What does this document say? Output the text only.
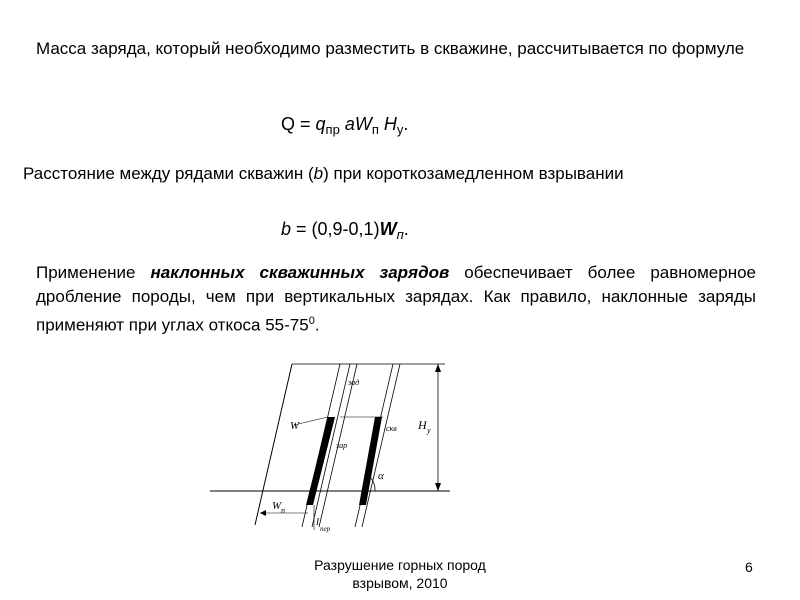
Масса заряда, который необходимо разместить в скважине, рассчитывается по формуле
$Q = q_{пр}$ $aW_п$ $H_у$.
Расстояние между рядами скважин (b) при короткозамедленном взрывании
$b = (0,9-0,1)W_п$.
Применение наклонных скважинных зарядов обеспечивает более равномерное дробление породы, чем при вертикальных зарядах. Как правило, наклонные заряды применяют при углах откоса $55-75^0$.
зад
зар
скв
W	H y
α
W п
l
пер
Разрушение горных пород взрывом, 2010
6
